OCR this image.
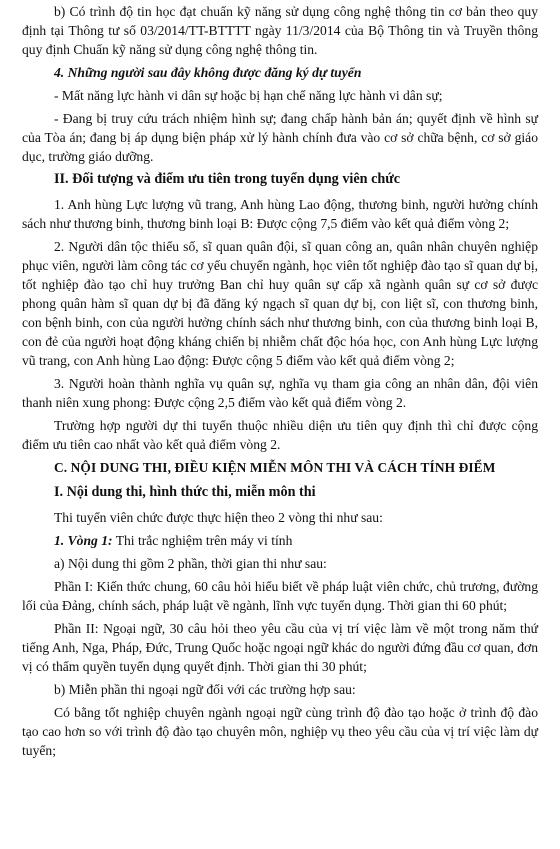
b) Có trình độ tin học đạt chuẩn kỹ năng sử dụng công nghệ thông tin cơ bản theo quy định tại Thông tư số 03/2014/TT-BTTTT ngày 11/3/2014 của Bộ Thông tin và Truyền thông quy định Chuẩn kỹ năng sử dụng công nghệ thông tin.

4. Những người sau đây không được đăng ký dự tuyển

- Mất năng lực hành vi dân sự hoặc bị hạn chế năng lực hành vi dân sự;

- Đang bị truy cứu trách nhiệm hình sự; đang chấp hành bản án; quyết định về hình sự của Tòa án; đang bị áp dụng biện pháp xử lý hành chính đưa vào cơ sở chữa bệnh, cơ sở giáo dục, trường giáo dưỡng.

II. Đối tượng và điểm ưu tiên trong tuyển dụng viên chức

1. Anh hùng Lực lượng vũ trang, Anh hùng Lao động, thương binh, người hưởng chính sách như thương binh, thương binh loại B: Được cộng 7,5 điểm vào kết quả điểm vòng 2;

2. Người dân tộc thiểu số, sĩ quan quân đội, sĩ quan công an, quân nhân chuyên nghiệp phục viên, người làm công tác cơ yếu chuyển ngành, học viên tốt nghiệp đào tạo sĩ quan dự bị, tốt nghiệp đào tạo chỉ huy trưởng Ban chỉ huy quân sự cấp xã ngành quân sự cơ sở được phong quân hàm sĩ quan dự bị đã đăng ký ngạch sĩ quan dự bị, con liệt sĩ, con thương binh, con bệnh binh, con của người hưởng chính sách như thương binh, con của thương binh loại B, con đẻ của người hoạt động kháng chiến bị nhiễm chất độc hóa học, con Anh hùng Lực lượng vũ trang, con Anh hùng Lao động: Được cộng 5 điểm vào kết quả điểm vòng 2;

3. Người hoàn thành nghĩa vụ quân sự, nghĩa vụ tham gia công an nhân dân, đội viên thanh niên xung phong: Được cộng 2,5 điểm vào kết quả điểm vòng 2.

Trường hợp người dự thi tuyển thuộc nhiều diện ưu tiên quy định thì chỉ được cộng điểm ưu tiên cao nhất vào kết quả điểm vòng 2.

C. NỘI DUNG THI, ĐIỀU KIỆN MIỄN MÔN THI VÀ CÁCH TÍNH ĐIỂM
I. Nội dung thi, hình thức thi, miễn môn thi

Thi tuyển viên chức được thực hiện theo 2 vòng thi như sau:

1. Vòng 1: Thi trắc nghiệm trên máy vi tính

a) Nội dung thi gồm 2 phần, thời gian thi như sau:

Phần I: Kiến thức chung, 60 câu hỏi hiểu biết về pháp luật viên chức, chủ trương, đường lối của Đảng, chính sách, pháp luật về ngành, lĩnh vực tuyển dụng. Thời gian thi 60 phút;

Phần II: Ngoại ngữ, 30 câu hỏi theo yêu cầu của vị trí việc làm về một trong năm thứ tiếng Anh, Nga, Pháp, Đức, Trung Quốc hoặc ngoại ngữ khác do người đứng đầu cơ quan, đơn vị có thẩm quyền tuyển dụng quyết định. Thời gian thi 30 phút;

b) Miễn phần thi ngoại ngữ đối với các trường hợp sau:

Có bằng tốt nghiệp chuyên ngành ngoại ngữ cùng trình độ đào tạo hoặc ở trình độ đào tạo cao hơn so với trình độ đào tạo chuyên môn, nghiệp vụ theo yêu cầu của vị trí việc làm dự tuyển;
